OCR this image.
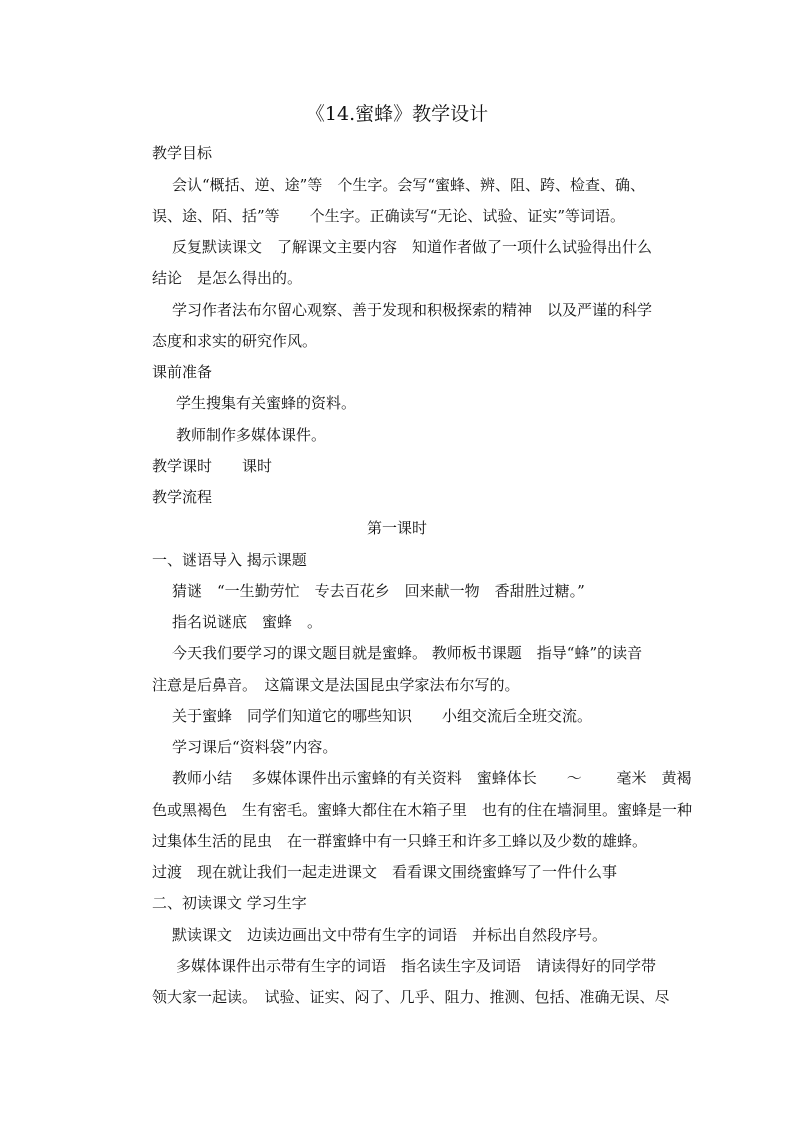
《14.蜜蜂》教学设计
教学目标
会认“概括、逆、途”等　个生字。会写“蜜蜂、辨、阻、跨、检查、确、
误、途、陌、括”等　　个生字。正确读写“无论、试验、证实”等词语。
反复默读课文　了解课文主要内容　知道作者做了一项什么试验得出什么
结论　是怎么得出的。
学习作者法布尔留心观察、善于发现和积极探索的精神　以及严谨的科学
态度和求实的研究作风。
课前准备
学生搜集有关蜜蜂的资料。
教师制作多媒体课件。
教学课时　　课时
教学流程
第一课时
一、谜语导入 揭示课题
猜谜　“一生勤劳忙　专去百花乡　回来献一物　香甜胜过糖。”
指名说谜底　蜜蜂　。
今天我们要学习的课文题目就是蜜蜂。 教师板书课题　指导“蜂”的读音
注意是后鼻音。　这篇课文是法国昆虫学家法布尔写的。
关于蜜蜂　同学们知道它的哪些知识　　小组交流后全班交流。
学习课后“资料袋”内容。
教师小结　 多媒体课件出示蜜蜂的有关资料　蜜蜂体长　　～　　 毫米　黄褐
色或黑褐色　生有密毛。蜜蜂大都住在木箱子里　也有的住在墙洞里。蜜蜂是一种
过集体生活的昆虫　在一群蜜蜂中有一只蜂王和许多工蜂以及少数的雄蜂。
过渡　现在就让我们一起走进课文　看看课文围绕蜜蜂写了一件什么事
二、初读课文 学习生字
默读课文　边读边画出文中带有生字的词语　并标出自然段序号。
多媒体课件出示带有生字的词语　指名读生字及词语　请读得好的同学带
领大家一起读。　试验、证实、闷了、几乎、阻力、推测、包括、准确无误、尽
